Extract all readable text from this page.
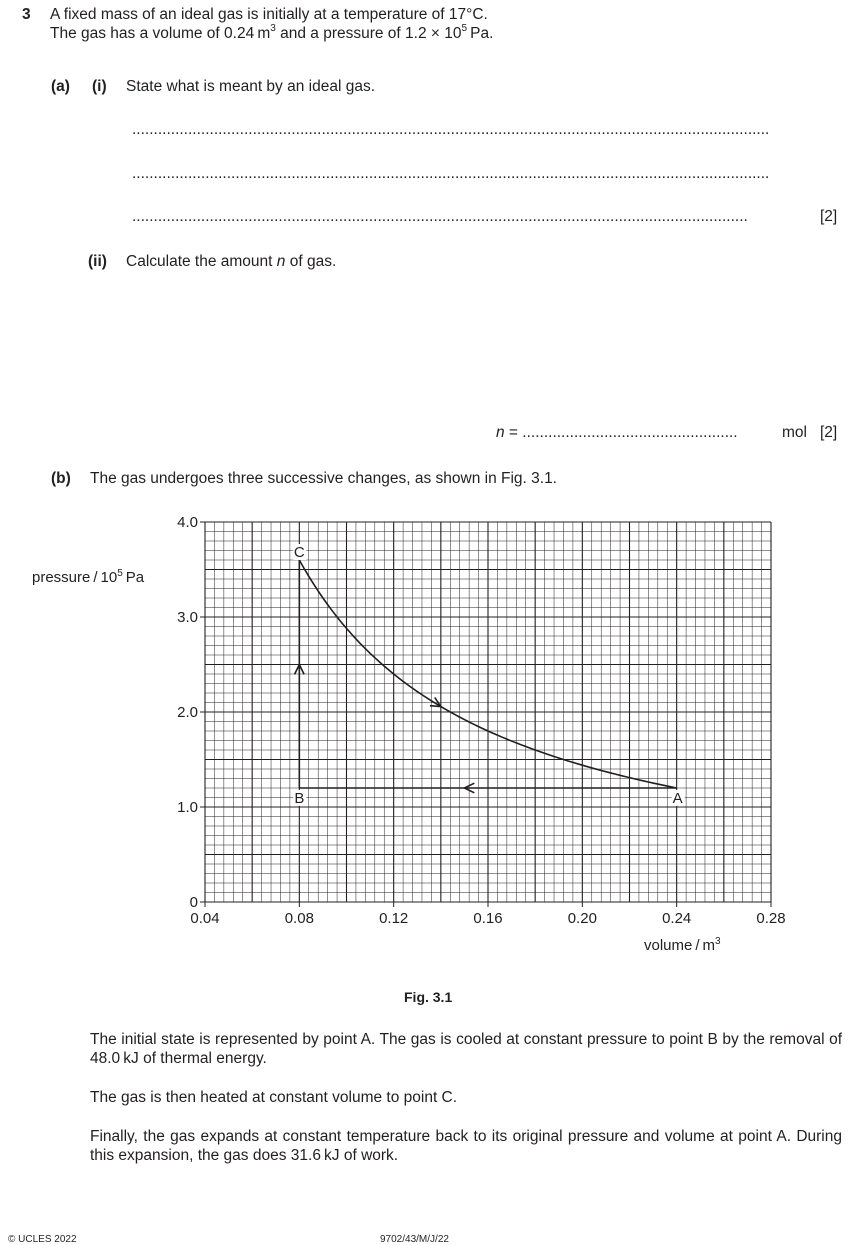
3 A fixed mass of an ideal gas is initially at a temperature of 17°C.
The gas has a volume of 0.24 $m^3$ and a pressure of $1.2 \times 10^5$ Pa.
(a) (i) State what is meant by an ideal gas.
....................................................................................................................................................
....................................................................................................................................................
...............................................................................................................................................	[2]
(ii) Calculate the amount n of gas.
n = ..................................................	mol [2]
(b) The gas undergoes three successive changes, as shown in Fig. 3.1.
0.04	0.08	0.12	0.16	0.20	0.24	0.28
0
1.0
2.0
3.0
4.0
pressure / $10^5$ Pa
volume / $m^3$
A
B
C
Fig. 3.1
The initial state is represented by point A. The gas is cooled at constant pressure to point B by the removal of 48.0 kJ of thermal energy.
The gas is then heated at constant volume to point C.
Finally, the gas expands at constant temperature back to its original pressure and volume at point A. During this expansion, the gas does 31.6 kJ of work.
© UCLES 2022	9702/43/M/J/22
